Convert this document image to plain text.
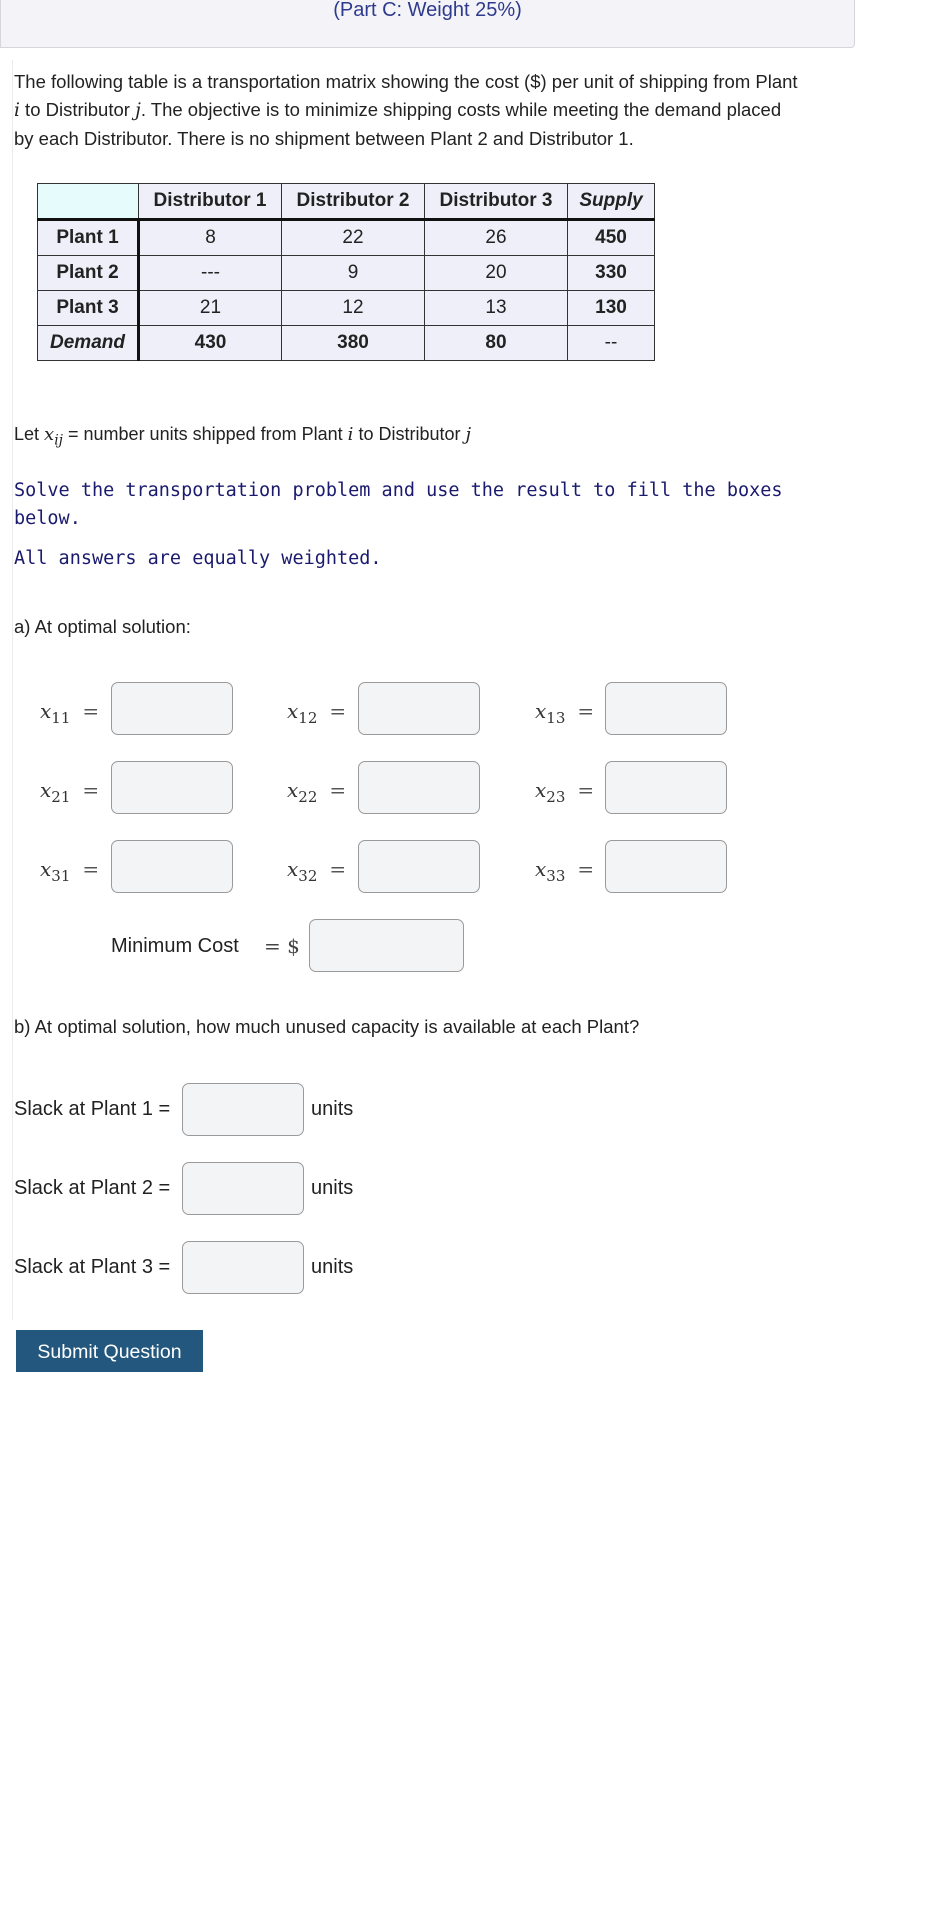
(Part C: Weight 25%)
The following table is a transportation matrix showing the cost ($) per unit of shipping from Plant
i to Distributor j. The objective is to minimize shipping costs while meeting the demand placed
by each Distributor. There is no shipment between Plant 2 and Distributor 1.
	Distributor 1	Distributor 2	Distributor 3	Supply
Plant 1	8	22	26	450
Plant 2	---	9	20	330
Plant 3	21	12	13	130
Demand	430	380	80	--
Let $x_{ij}$ = number units shipped from Plant i to Distributor j
Solve the transportation problem and use the result to fill the boxes below.
All answers are equally weighted.
a) At optimal solution:
$x_{11}$ =	$x_{12}$ =	$x_{13}$ =
$x_{21}$ =	$x_{22}$ =	$x_{23}$ =
$x_{31}$ =	$x_{32}$ =	$x_{33}$ =
Minimum Cost = $
b) At optimal solution, how much unused capacity is available at each Plant?
Slack at Plant 1 =	units
Slack at Plant 2 =	units
Slack at Plant 3 =	units
Submit Question
